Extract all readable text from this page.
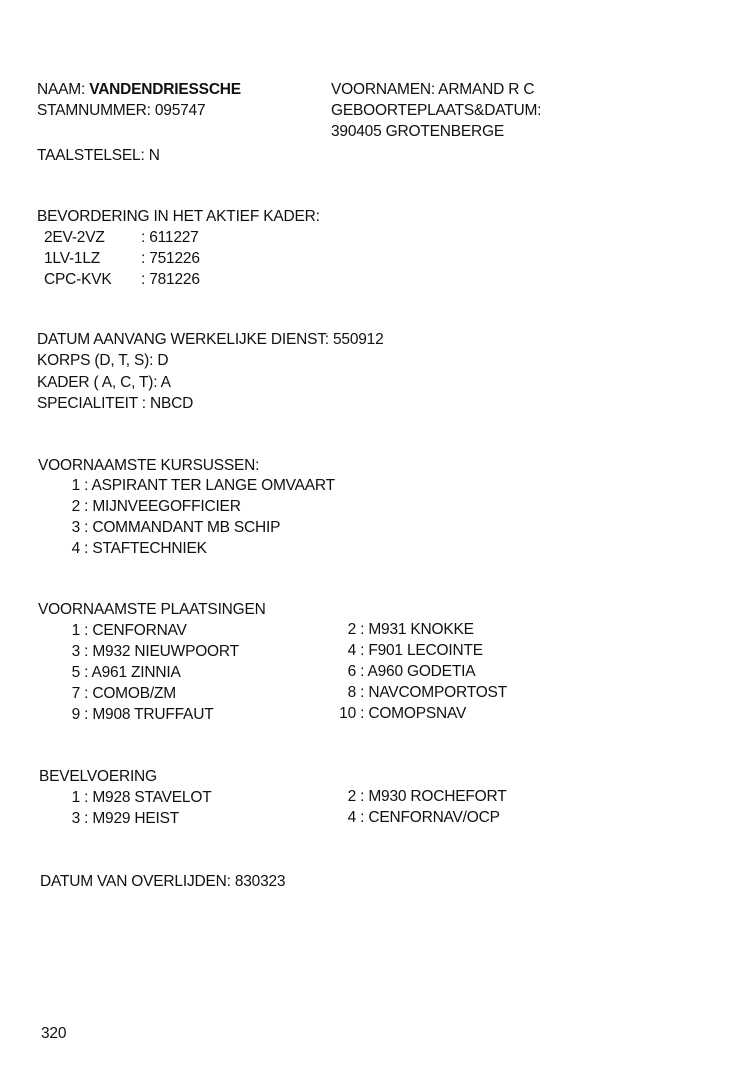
NAAM: VANDENDRIESSCHE
STAMNUMMER: 095747
VOORNAMEN: ARMAND R C
GEBOORTEPLAATS&DATUM:
390405 GROTENBERGE
TAALSTELSEL: N
BEVORDERING IN HET AKTIEF KADER:
2EV-2VZ : 611227
1LV-1LZ	: 751226
CPC-KVK : 781226
DATUM AANVANG WERKELIJKE DIENST: 550912
KORPS (D, T, S): D
KADER ( A, C, T): A
SPECIALITEIT : NBCD
VOORNAAMSTE KURSUSSEN:
1 : ASPIRANT TER LANGE OMVAART
2 : MIJNVEEGOFFICIER
3 : COMMANDANT MB SCHIP
4 : STAFTECHNIEK
VOORNAAMSTE PLAATSINGEN
1 : CENFORNAV
3 : M932 NIEUWPOORT
5 : A961 ZINNIA
7 : COMOB/ZM
9 : M908 TRUFFAUT
2 : M931 KNOKKE
4 : F901 LECOINTE
6 : A960 GODETIA
8 : NAVCOMPORTOST
10 : COMOPSNAV
BEVELVOERING
1 : M928 STAVELOT
3 : M929 HEIST
2 : M930 ROCHEFORT
4 : CENFORNAV/OCP
DATUM VAN OVERLIJDEN: 830323
320
